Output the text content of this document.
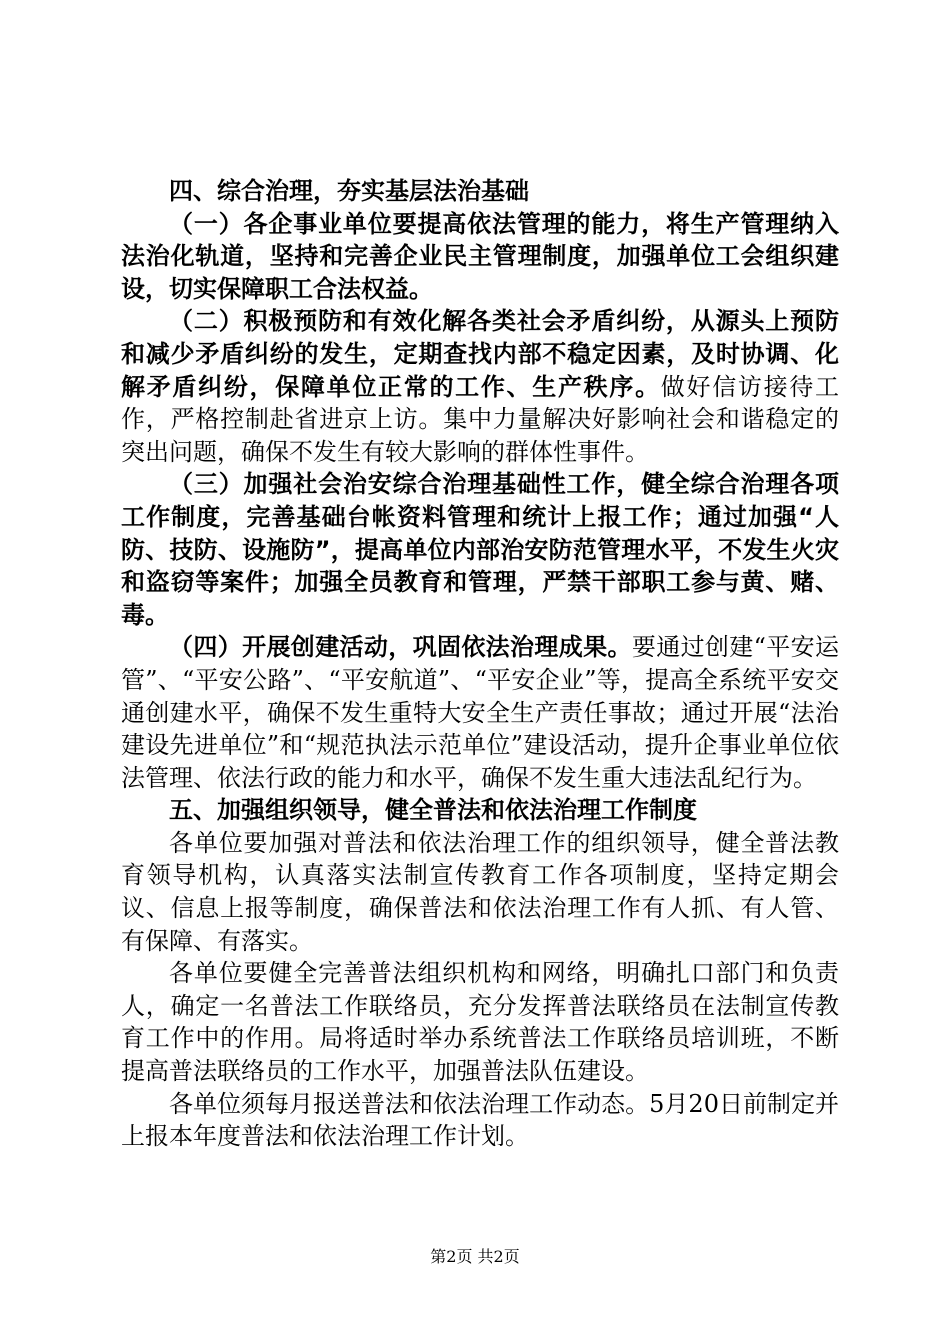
四、综合治理，夯实基层法治基础

（一）各企事业单位要提高依法管理的能力，将生产管理纳入法治化轨道，坚持和完善企业民主管理制度，加强单位工会组织建设，切实保障职工合法权益。

（二）积极预防和有效化解各类社会矛盾纠纷，从源头上预防和减少矛盾纠纷的发生，定期查找内部不稳定因素，及时协调、化解矛盾纠纷，保障单位正常的工作、生产秩序。做好信访接待工作，严格控制赴省进京上访。集中力量解决好影响社会和谐稳定的突出问题，确保不发生有较大影响的群体性事件。

（三）加强社会治安综合治理基础性工作，健全综合治理各项工作制度，完善基础台帐资料管理和统计上报工作；通过加强“人防、技防、设施防”，提高单位内部治安防范管理水平，不发生火灾和盗窃等案件；加强全员教育和管理，严禁干部职工参与黄、赌、毒。

（四）开展创建活动，巩固依法治理成果。要通过创建“平安运管”、“平安公路”、“平安航道”、“平安企业”等，提高全系统平安交通创建水平，确保不发生重特大安全生产责任事故；通过开展“法治建设先进单位”和“规范执法示范单位”建设活动，提升企事业单位依法管理、依法行政的能力和水平，确保不发生重大违法乱纪行为。

五、加强组织领导，健全普法和依法治理工作制度

各单位要加强对普法和依法治理工作的组织领导，健全普法教育领导机构，认真落实法制宣传教育工作各项制度，坚持定期会议、信息上报等制度，确保普法和依法治理工作有人抓、有人管、有保障、有落实。

各单位要健全完善普法组织机构和网络，明确扎口部门和负责人，确定一名普法工作联络员，充分发挥普法联络员在法制宣传教育工作中的作用。局将适时举办系统普法工作联络员培训班，不断提高普法联络员的工作水平，加强普法队伍建设。

各单位须每月报送普法和依法治理工作动态。5月20日前制定并上报本年度普法和依法治理工作计划。

第2页 共2页
